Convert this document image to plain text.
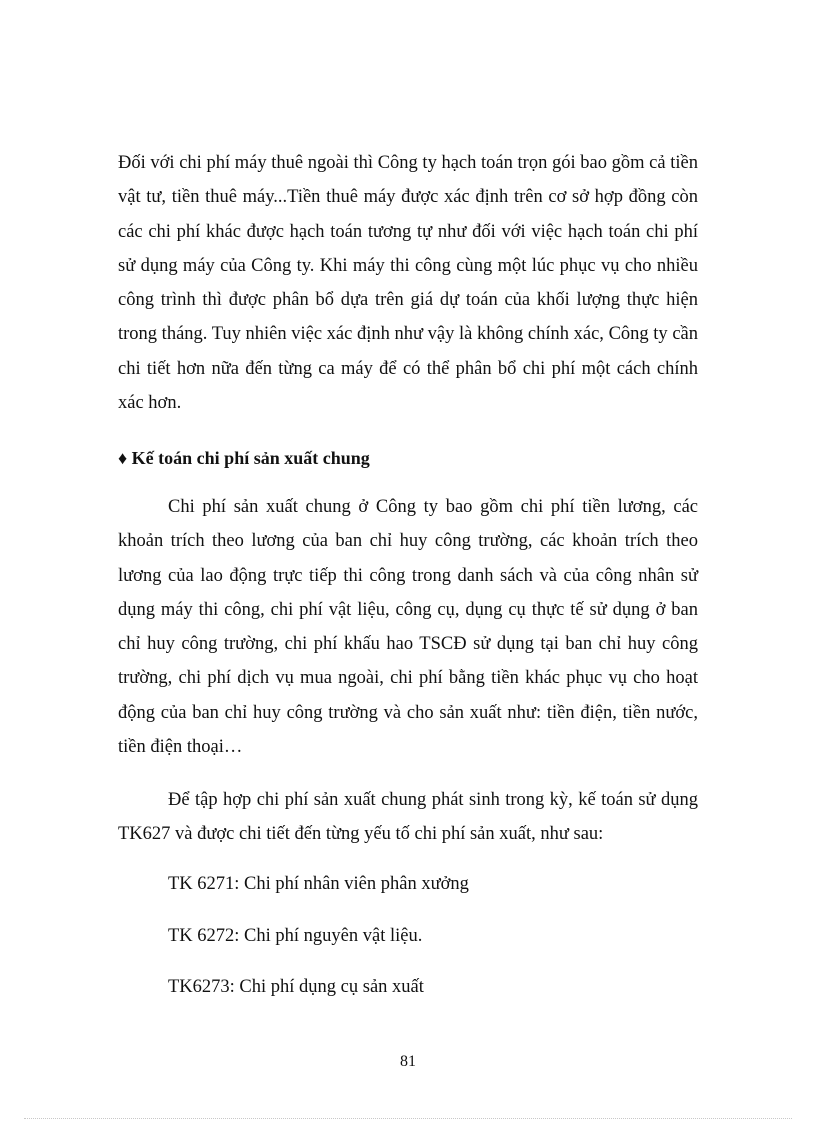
Đối với chi phí máy thuê ngoài thì Công ty hạch toán trọn gói bao gồm cả tiền vật tư, tiền thuê máy...Tiền thuê máy được xác định trên cơ sở hợp đồng còn các chi phí khác được hạch toán tương tự như đối với việc hạch toán chi phí sử dụng máy của Công ty. Khi máy thi công cùng một lúc phục vụ cho nhiều công trình thì được phân bổ dựa trên giá dự toán của khối lượng thực hiện trong tháng. Tuy nhiên việc xác định như vậy là không chính xác, Công ty cần chi tiết hơn nữa đến từng ca máy để có thể phân bổ chi phí một cách chính xác hơn.

♦ Kế toán chi phí sản xuất chung

Chi phí sản xuất chung ở Công ty bao gồm chi phí tiền lương, các khoản trích theo lương của ban chỉ huy công trường, các khoản trích theo lương của lao động trực tiếp thi công trong danh sách và của công nhân sử dụng máy thi công, chi phí vật liệu, công cụ, dụng cụ thực tế sử dụng ở ban chỉ huy công trường, chi phí khấu hao TSCĐ sử dụng tại ban chỉ huy công trường, chi phí dịch vụ mua ngoài, chi phí bằng tiền khác phục vụ cho hoạt động của ban chỉ huy công trường và cho sản xuất như: tiền điện, tiền nước, tiền điện thoại…

Để tập hợp chi phí sản xuất chung phát sinh trong kỳ, kế toán sử dụng TK627 và được chi tiết đến từng yếu tố chi phí sản xuất, như sau:

TK 6271: Chi phí nhân viên phân xưởng

TK 6272: Chi phí nguyên vật liệu.

TK6273: Chi phí dụng cụ sản xuất

81
